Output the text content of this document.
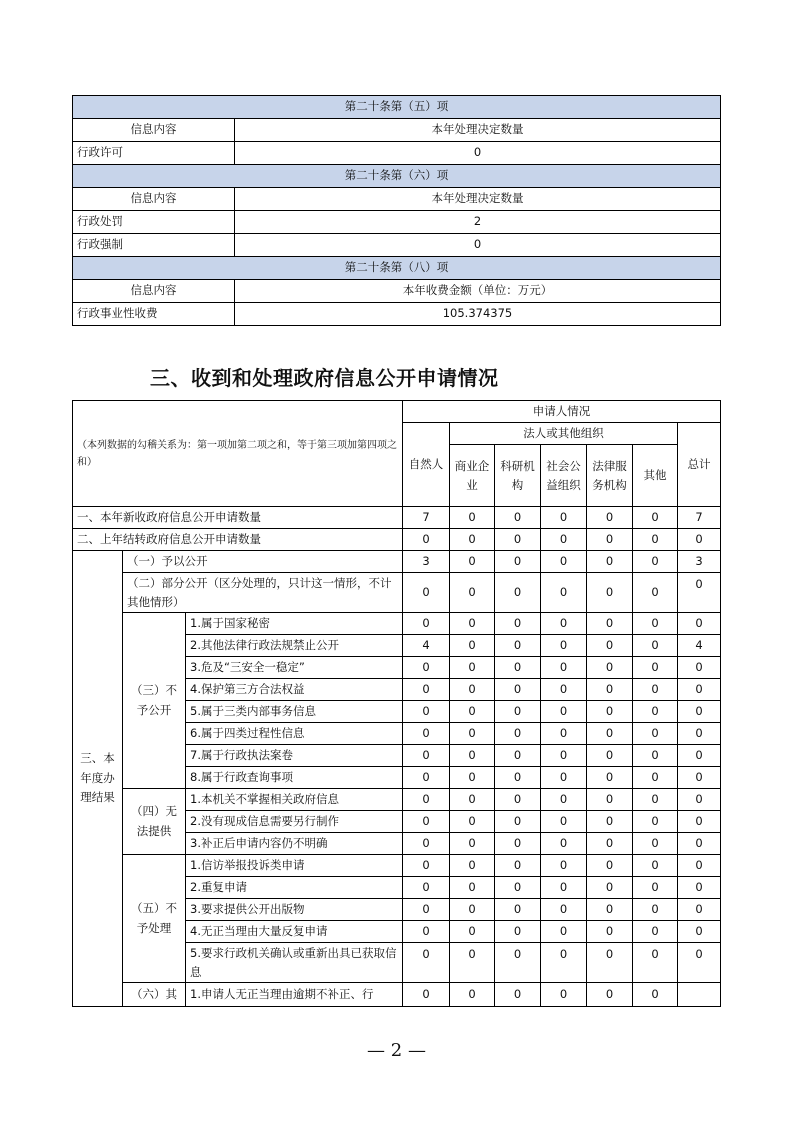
第二十条第（五）项	
信息内容	本年处理决定数量
行政许可	0
第二十条第（六）项	
信息内容	本年处理决定数量
行政处罚	2
行政强制	0
第二十条第（八）项	
信息内容	本年收费金额（单位：万元）
行政事业性收费	105.374375
三、收到和处理政府信息公开申请情况
（本列数据的勾稽关系为：第一项加第二项之和，等于第三项加第四项之和）			申请人情况						
			自然人	法人或其他组织					总计
				商业企业	科研机构	社会公益组织	法律服务机构	其他	

一、本年新收政府信息公开申请数量			7	0	0	0	0	0	7
二、上年结转政府信息公开申请数量			0	0	0	0	0	0	0
三、本年度办理结果	（一）予以公开		3	0	0	0	0	0	3
	（二）部分公开（区分处理的，只计这一情形，不计其他情形）		0	0	0	0	0	0	0
	（三）不予公开	1.属于国家秘密	0	0	0	0	0	0	0
		2.其他法律行政法规禁止公开	4	0	0	0	0	0	4
		3.危及“三安全一稳定”	0	0	0	0	0	0	0
		4.保护第三方合法权益	0	0	0	0	0	0	0
		5.属于三类内部事务信息	0	0	0	0	0	0	0
		6.属于四类过程性信息	0	0	0	0	0	0	0
		7.属于行政执法案卷	0	0	0	0	0	0	0
		8.属于行政查询事项	0	0	0	0	0	0	0
	（四）无法提供	1.本机关不掌握相关政府信息	0	0	0	0	0	0	0
		2.没有现成信息需要另行制作	0	0	0	0	0	0	0
		3.补正后申请内容仍不明确	0	0	0	0	0	0	0
	（五）不予处理	1.信访举报投诉类申请	0	0	0	0	0	0	0
		2.重复申请	0	0	0	0	0	0	0
		3.要求提供公开出版物	0	0	0	0	0	0	0
		4.无正当理由大量反复申请	0	0	0	0	0	0	0
		5.要求行政机关确认或重新出具已获取信息	0	0	0	0	0	0	0
	（六）其	1.申请人无正当理由逾期不补正、行	0	0	0	0	0	0	
— 2 —
